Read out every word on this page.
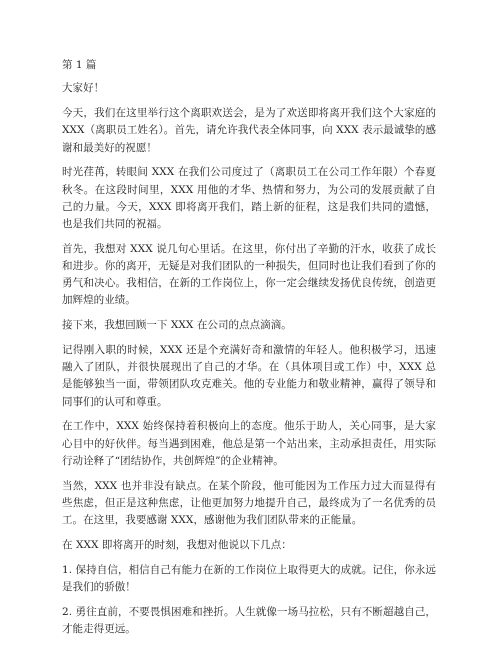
第 1 篇

大家好！

今天，我们在这里举行这个离职欢送会，是为了欢送即将离开我们这个大家庭的 XXX（离职员工姓名）。首先，请允许我代表全体同事，向 XXX 表示最诚挚的感谢和最美好的祝愿！

时光荏苒，转眼间 XXX 在我们公司度过了（离职员工在公司工作年限）个春夏秋冬。在这段时间里，XXX 用他的才华、热情和努力，为公司的发展贡献了自己的力量。今天，XXX 即将离开我们，踏上新的征程，这是我们共同的遗憾，也是我们共同的祝福。

首先，我想对 XXX 说几句心里话。在这里，你付出了辛勤的汗水，收获了成长和进步。你的离开，无疑是对我们团队的一种损失，但同时也让我们看到了你的勇气和决心。我相信，在新的工作岗位上，你一定会继续发扬优良传统，创造更加辉煌的业绩。

接下来，我想回顾一下 XXX 在公司的点点滴滴。

记得刚入职的时候，XXX 还是个充满好奇和激情的年轻人。他积极学习，迅速融入了团队，并很快展现出了自己的才华。在（具体项目或工作）中，XXX 总是能够独当一面，带领团队攻克难关。他的专业能力和敬业精神，赢得了领导和同事们的认可和尊重。

在工作中，XXX 始终保持着积极向上的态度。他乐于助人，关心同事，是大家心目中的好伙伴。每当遇到困难，他总是第一个站出来，主动承担责任，用实际行动诠释了“团结协作，共创辉煌”的企业精神。

当然，XXX 也并非没有缺点。在某个阶段，他可能因为工作压力过大而显得有些焦虑，但正是这种焦虑，让他更加努力地提升自己，最终成为了一名优秀的员工。在这里，我要感谢 XXX，感谢他为我们团队带来的正能量。

在 XXX 即将离开的时刻，我想对他说以下几点：

1. 保持自信，相信自己有能力在新的工作岗位上取得更大的成就。记住，你永远是我们的骄傲！

2. 勇往直前，不要畏惧困难和挫折。人生就像一场马拉松，只有不断超越自己，才能走得更远。
